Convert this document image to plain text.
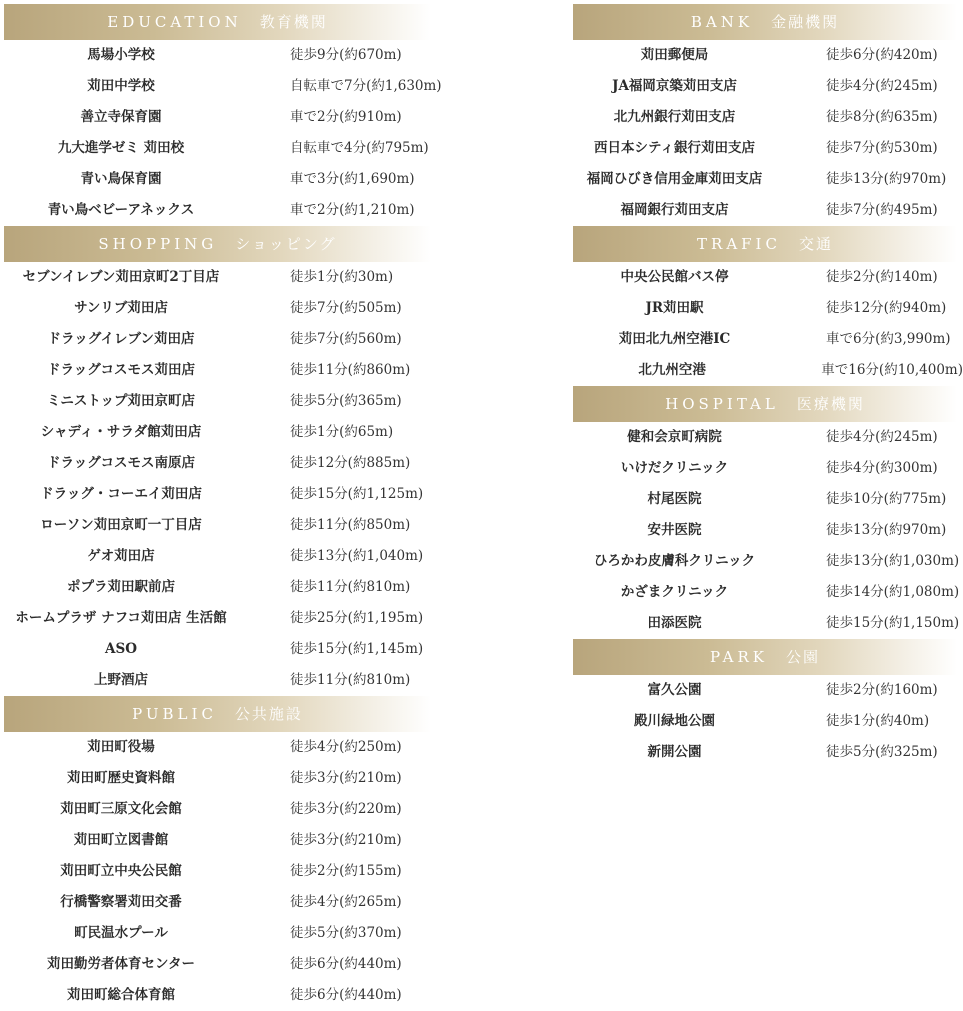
EDUCATION 教育機関
馬場小学校	徒歩9分(約670m)
苅田中学校	自転車で7分(約1,630m)
善立寺保育園	車で2分(約910m)
九大進学ゼミ 苅田校	自転車で4分(約795m)
青い鳥保育園	車で3分(約1,690m)
青い鳥ベビーアネックス	車で2分(約1,210m)
SHOPPING ショッピング
セブンイレブン苅田京町2丁目店	徒歩1分(約30m)
サンリブ苅田店	徒歩7分(約505m)
ドラッグイレブン苅田店	徒歩7分(約560m)
ドラッグコスモス苅田店	徒歩11分(約860m)
ミニストップ苅田京町店	徒歩5分(約365m)
シャディ・サラダ館苅田店	徒歩1分(約65m)
ドラッグコスモス南原店	徒歩12分(約885m)
ドラッグ・コーエイ苅田店	徒歩15分(約1,125m)
ローソン苅田京町一丁目店	徒歩11分(約850m)
ゲオ苅田店	徒歩13分(約1,040m)
ポプラ苅田駅前店	徒歩11分(約810m)
ホームプラザ ナフコ苅田店 生活館	徒歩25分(約1,195m)
ASO	徒歩15分(約1,145m)
上野酒店	徒歩11分(約810m)
PUBLIC 公共施設
苅田町役場	徒歩4分(約250m)
苅田町歴史資料館	徒歩3分(約210m)
苅田町三原文化会館	徒歩3分(約220m)
苅田町立図書館	徒歩3分(約210m)
苅田町立中央公民館	徒歩2分(約155m)
行橋警察署苅田交番	徒歩4分(約265m)
町民温水プール	徒歩5分(約370m)
苅田勤労者体育センター	徒歩6分(約440m)
苅田町総合体育館	徒歩6分(約440m)
BANK 金融機関
苅田郵便局	徒歩6分(約420m)
JA福岡京築苅田支店	徒歩4分(約245m)
北九州銀行苅田支店	徒歩8分(約635m)
西日本シティ銀行苅田支店	徒歩7分(約530m)
福岡ひびき信用金庫苅田支店	徒歩13分(約970m)
福岡銀行苅田支店	徒歩7分(約495m)
TRAFIC 交通
中央公民館バス停	徒歩2分(約140m)
JR苅田駅	徒歩12分(約940m)
苅田北九州空港IC	車で6分(約3,990m)
北九州空港	車で16分(約10,400m)
HOSPITAL 医療機関
健和会京町病院	徒歩4分(約245m)
いけだクリニック	徒歩4分(約300m)
村尾医院	徒歩10分(約775m)
安井医院	徒歩13分(約970m)
ひろかわ皮膚科クリニック	徒歩13分(約1,030m)
かざまクリニック	徒歩14分(約1,080m)
田添医院	徒歩15分(約1,150m)
PARK 公園
富久公園	徒歩2分(約160m)
殿川緑地公園	徒歩1分(約40m)
新開公園	徒歩5分(約325m)
